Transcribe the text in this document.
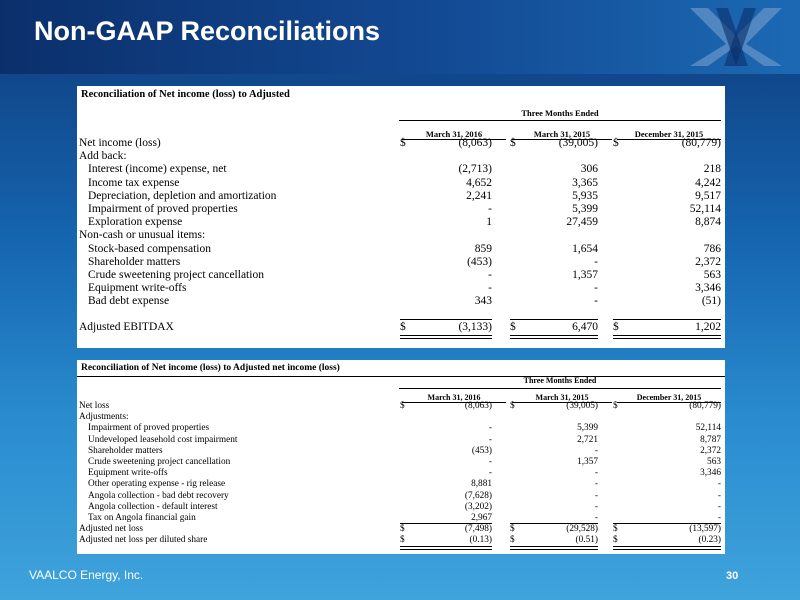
Non-GAAP Reconciliations
Reconciliation of Net income (loss) to Adjusted
Three Months Ended
March 31, 2016	March 31, 2015	December 31, 2015
Net income (loss)	$	(8,063) $	(39,005) $	(80,779)
Add back:
Interest (income) expense, net	(2,713)	306	218
Income tax expense	4,652	3,365	4,242
Depreciation, depletion and amortization	2,241	5,935	9,517
Impairment of proved properties	-	5,399	52,114
Exploration expense	1	27,459	8,874
Non-cash or unusual items:
Stock-based compensation	859	1,654	786
Shareholder matters	(453)	-	2,372
Crude sweetening project cancellation	-	1,357	563
Equipment write-offs	-	-	3,346
Bad debt expense	343	-	(51)
Adjusted EBITDAX	$	(3,133) $	6,470 $	1,202
Reconciliation of Net income (loss) to Adjusted net income (loss)
Three Months Ended
March 31, 2016	March 31, 2015	December 31, 2015
Net loss	$	(8,063) $	(39,005) $	(80,779)
Adjustments:
Impairment of proved properties	-	5,399	52,114
Undeveloped leasehold cost impairment	-	2,721	8,787
Shareholder matters	(453)	-	2,372
Crude sweetening project cancellation	-	1,357	563
Equipment write-offs	-	-	3,346
Other operating expense - rig release	8,881	-	-
Angola collection - bad debt recovery	(7,628)	-	-
Angola collection - default interest	(3,202)	-	-
Tax on Angola financial gain	2,967	-	-
Adjusted net loss	$	(7,498) $	(29,528) $	(13,597)
Adjusted net loss per diluted share	$	(0.13) $	(0.51) $	(0.23)
VAALCO Energy, Inc.	30
